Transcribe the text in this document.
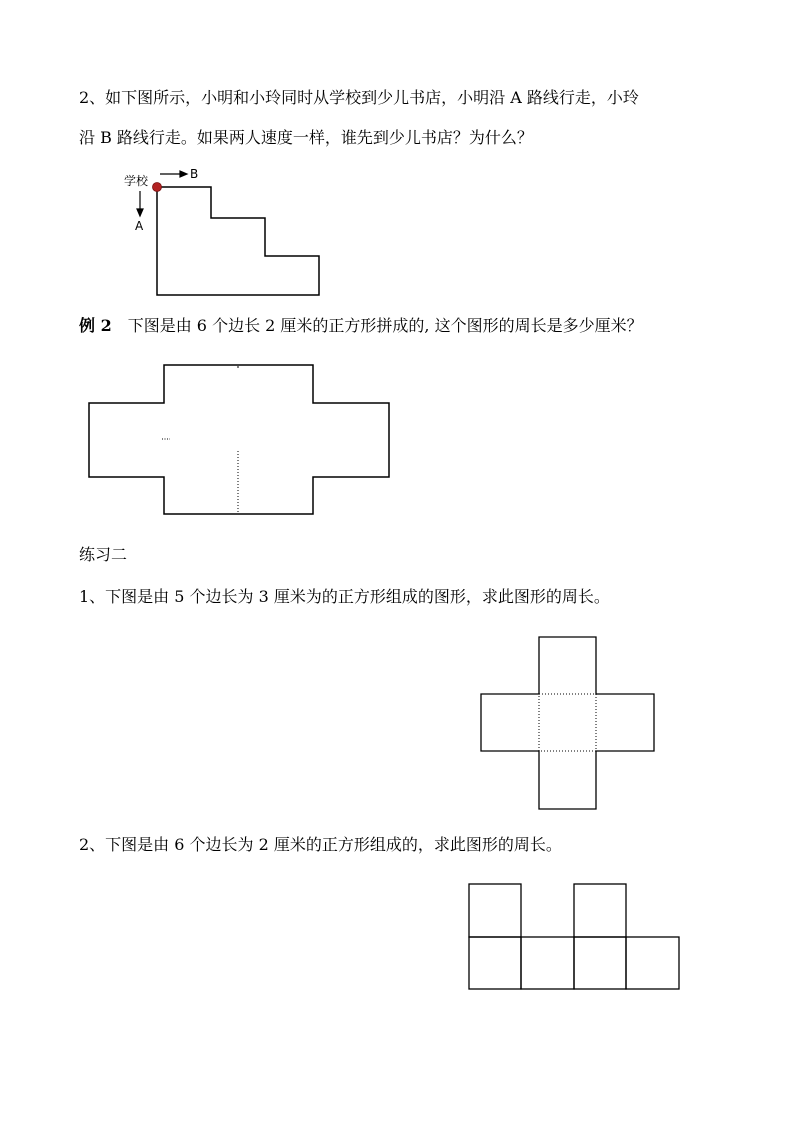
2、如下图所示，小明和小玲同时从学校到少儿书店，小明沿 A 路线行走，小玲
沿 B 路线行走。如果两人速度一样，谁先到少儿书店？为什么？
学校	B
A
例 2 下图是由 6 个边长 2 厘米的正方形拼成的, 这个图形的周长是多少厘米？
练习二
1、下图是由 5 个边长为 3 厘米为的正方形组成的图形，求此图形的周长。
2、下图是由 6 个边长为 2 厘米的正方形组成的，求此图形的周长。
